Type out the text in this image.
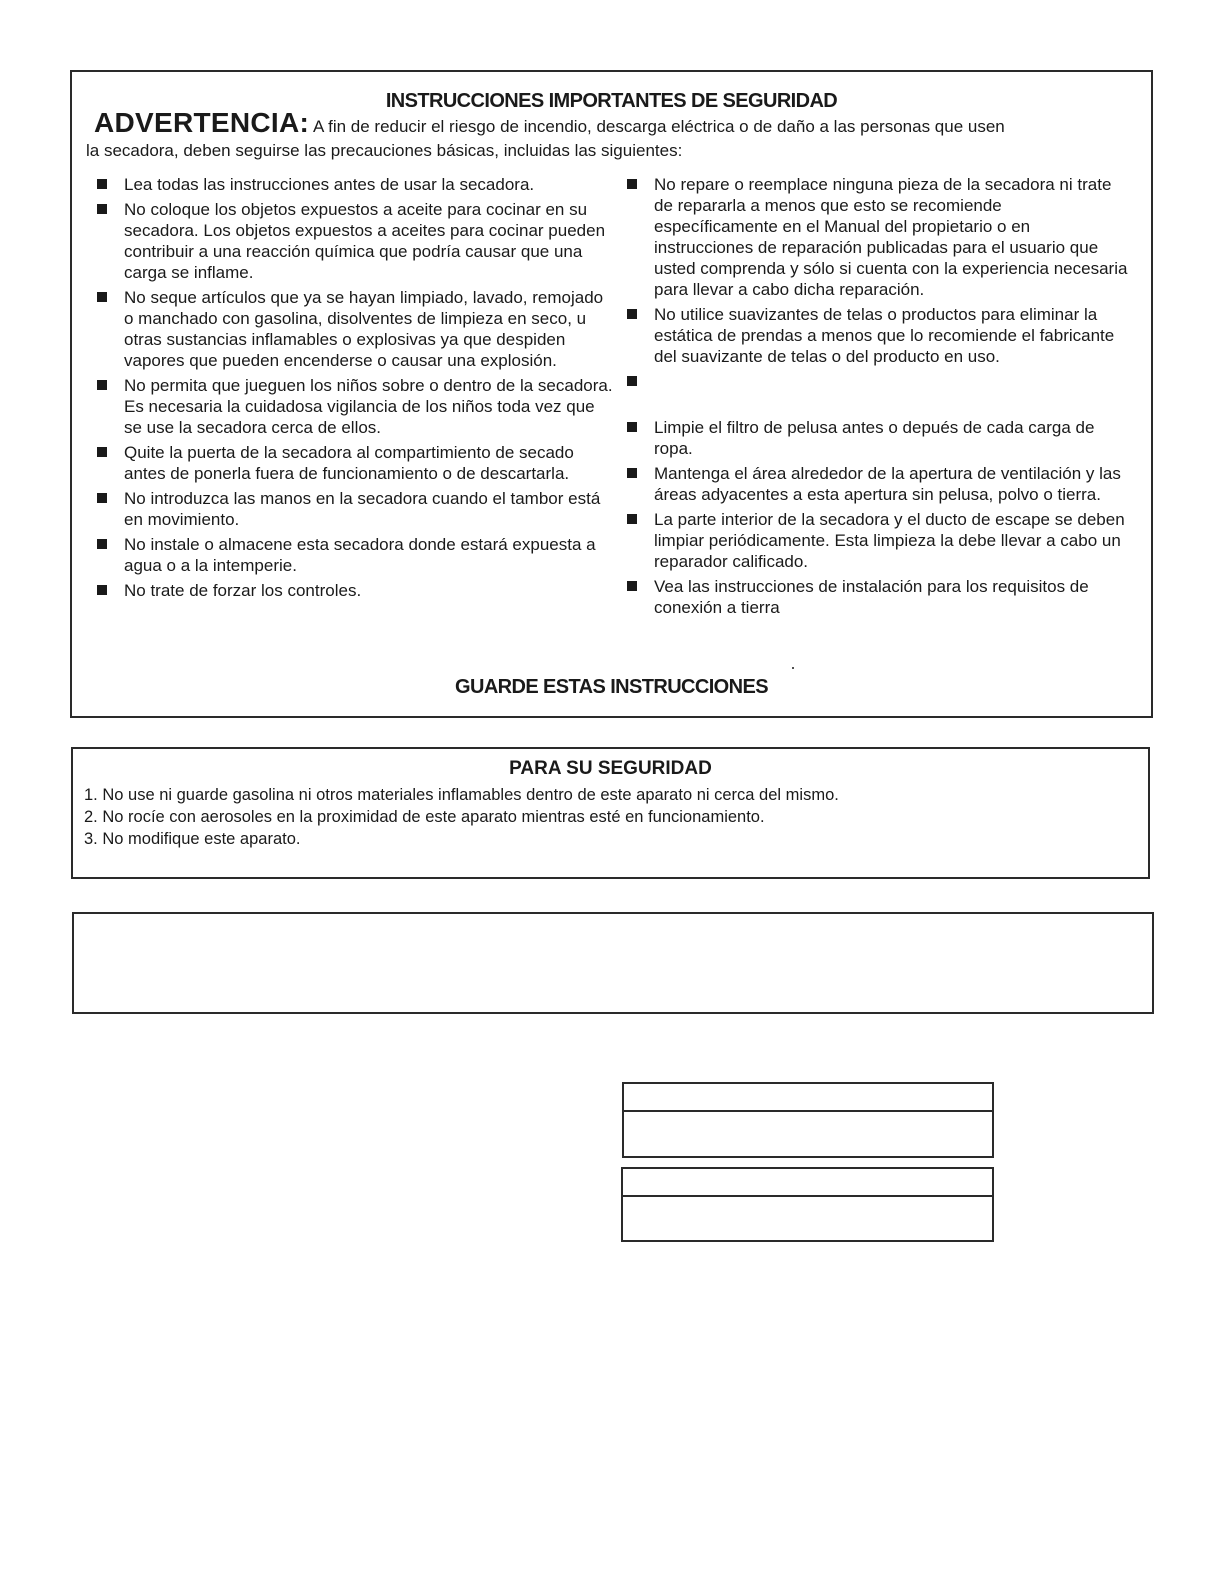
INSTRUCCIONES IMPORTANTES DE SEGURIDAD
ADVERTENCIA: A fin de reducir el riesgo de incendio, descarga eléctrica o de daño a las personas que usen
la secadora, deben seguirse las precauciones básicas, incluidas las siguientes:
Lea todas las instrucciones antes de usar la secadora.
No coloque los objetos expuestos a aceite para cocinar en su secadora. Los objetos expuestos a aceites para cocinar pueden contribuir a una reacción química que podría causar que una carga se inflame.
No seque artículos que ya se hayan limpiado, lavado, remojado o manchado con gasolina, disolventes de limpieza en seco, u otras sustancias inflamables o explosivas ya que despiden vapores que pueden encenderse o causar una explosión.
No permita que jueguen los niños sobre o dentro de la secadora. Es necesaria la cuidadosa vigilancia de los niños toda vez que se use la secadora cerca de ellos.
Quite la puerta de la secadora al compartimiento de secado antes de ponerla fuera de funcionamiento o de descartarla.
No introduzca las manos en la secadora cuando el tambor está en movimiento.
No instale o almacene esta secadora donde estará expuesta a agua o a la intemperie.
No trate de forzar los controles.
No repare o reemplace ninguna pieza de la secadora ni trate de repararla a menos que esto se recomiende específicamente en el Manual del propietario o en instrucciones de reparación publicadas para el usuario que usted comprenda y sólo si cuenta con la experiencia necesaria para llevar a cabo dicha reparación.
No utilice suavizantes de telas o productos para eliminar la estática de prendas a menos que lo recomiende el fabricante del suavizante de telas o del producto en uso.
Limpie el filtro de pelusa antes o depués de cada carga de ropa.
Mantenga el área alrededor de la apertura de ventilación y las áreas adyacentes a esta apertura sin pelusa, polvo o tierra.
La parte interior de la secadora y el ducto de escape se deben limpiar periódicamente. Esta limpieza la debe llevar a cabo un reparador calificado.
Vea las instrucciones de instalación para los requisitos de conexión a tierra
GUARDE ESTAS INSTRUCCIONES
PARA SU SEGURIDAD
1. No use ni guarde gasolina ni otros materiales inflamables dentro de este aparato ni cerca del mismo.
2. No rocíe con aerosoles en la proximidad de este aparato mientras esté en funcionamiento.
3. No modifique este aparato.
